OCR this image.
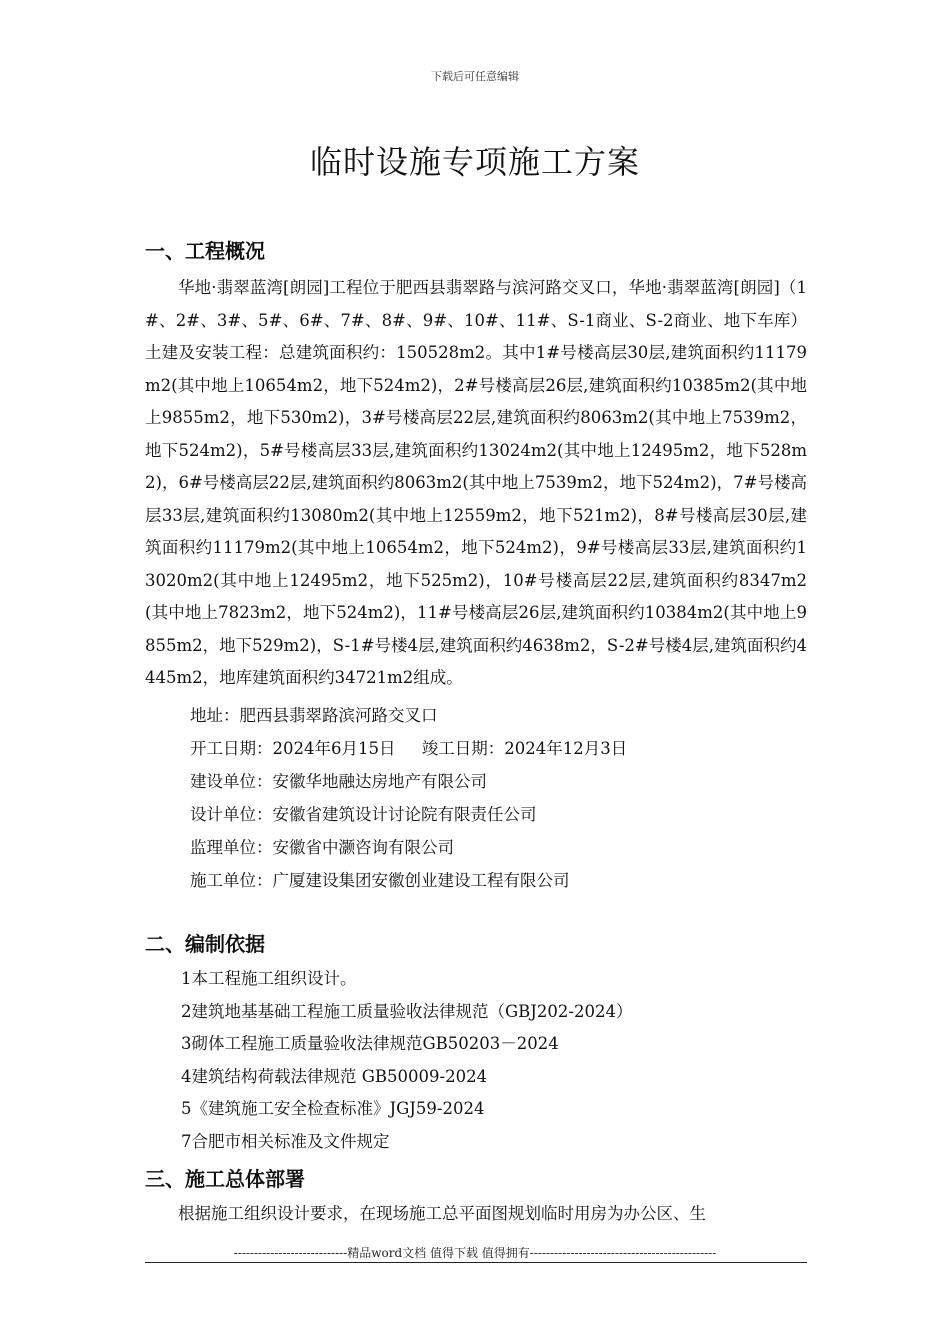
下载后可任意编辑
临时设施专项施工方案
一、工程概况

华地·翡翠蓝湾[朗园]工程位于肥西县翡翠路与滨河路交叉口，华地·翡翠蓝湾[朗园]（1#、2#、3#、5#、6#、7#、8#、9#、10#、11#、S-1商业、S-2商业、地下车库）土建及安装工程：总建筑面积约：150528m2。其中1#号楼高层30层,建筑面积约11179m2(其中地上10654m2，地下524m2)，2#号楼高层26层,建筑面积约10385m2(其中地上9855m2，地下530m2)，3#号楼高层22层,建筑面积约8063m2(其中地上7539m2，地下524m2)，5#号楼高层33层,建筑面积约13024m2(其中地上12495m2，地下528m2)，6#号楼高层22层,建筑面积约8063m2(其中地上7539m2，地下524m2)，7#号楼高层33层,建筑面积约13080m2(其中地上12559m2，地下521m2)，8#号楼高层30层,建筑面积约11179m2(其中地上10654m2，地下524m2)，9#号楼高层33层,建筑面积约13020m2(其中地上12495m2，地下525m2)，10#号楼高层22层,建筑面积约8347m2(其中地上7823m2，地下524m2)，11#号楼高层26层,建筑面积约10384m2(其中地上9855m2，地下529m2)，S-1#号楼4层,建筑面积约4638m2，S-2#号楼4层,建筑面积约4445m2，地库建筑面积约34721m2组成。

地址：肥西县翡翠路滨河路交叉口

开工日期：2024年6月15日     竣工日期：2024年12月3日

建设单位：安徽华地融达房地产有限公司

设计单位：安徽省建筑设计讨论院有限责任公司

监理单位：安徽省中灏咨询有限公司

施工单位：广厦建设集团安徽创业建设工程有限公司

二、编制依据

1本工程施工组织设计。

2建筑地基基础工程施工质量验收法律规范（GBJ202-2024）

3砌体工程施工质量验收法律规范GB50203－2024

4建筑结构荷载法律规范 GB50009-2024

5《建筑施工安全检查标准》JGJ59-2024

7合肥市相关标准及文件规定

三、施工总体部署

根据施工组织设计要求，在现场施工总平面图规划临时用房为办公区、生

----------------------------精品word文档 值得下载 值得拥有----------------------------------------------
